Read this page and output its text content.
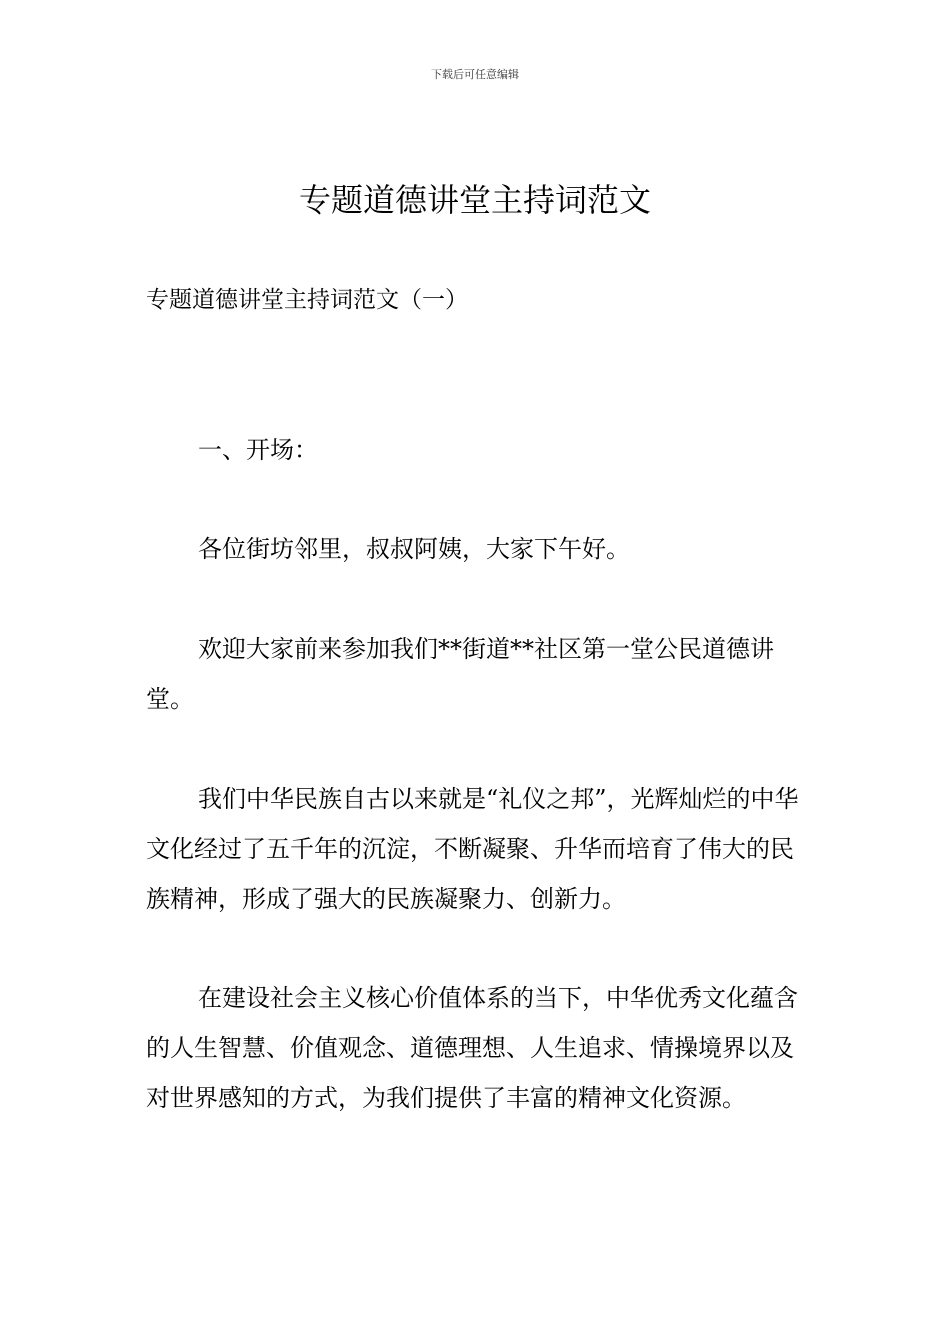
下载后可任意编辑
专题道德讲堂主持词范文
专题道德讲堂主持词范文（一）

一、开场：

各位街坊邻里，叔叔阿姨，大家下午好。

欢迎大家前来参加我们**街道**社区第一堂公民道德讲堂。

我们中华民族自古以来就是“礼仪之邦”，光辉灿烂的中华文化经过了五千年的沉淀，不断凝聚、升华而培育了伟大的民族精神，形成了强大的民族凝聚力、创新力。

在建设社会主义核心价值体系的当下，中华优秀文化蕴含的人生智慧、价值观念、道德理想、人生追求、情操境界以及对世界感知的方式，为我们提供了丰富的精神文化资源。
